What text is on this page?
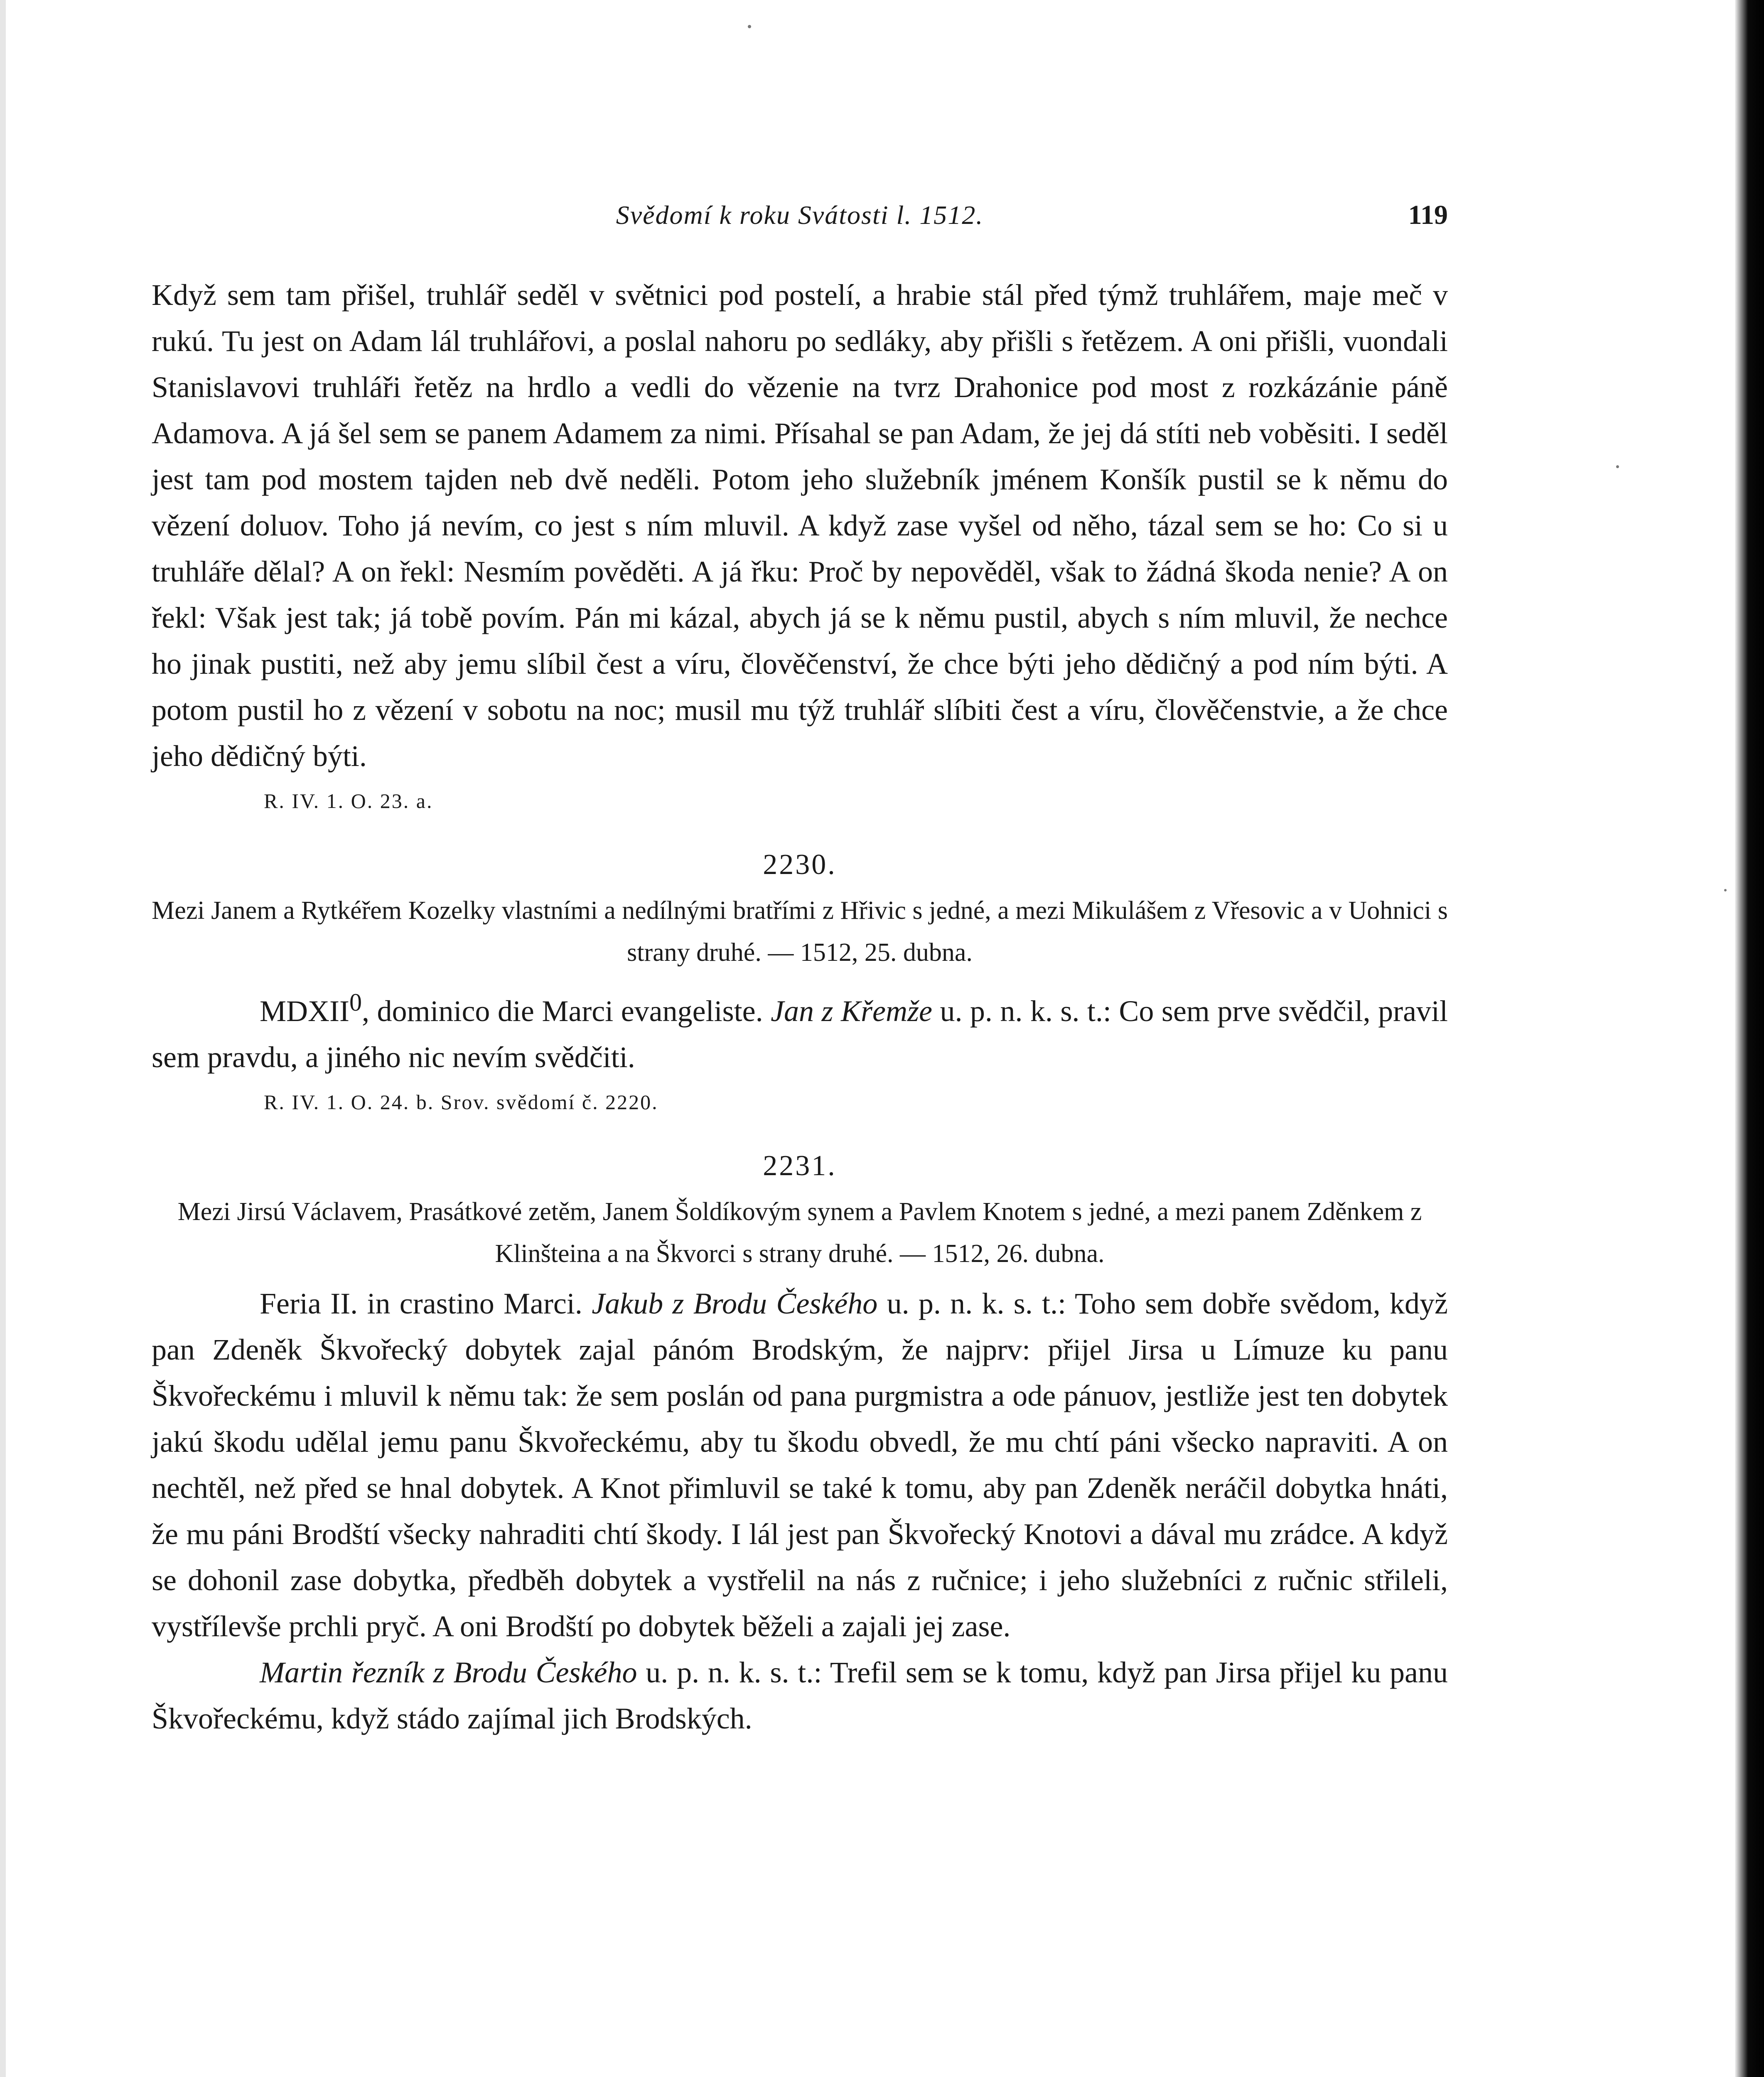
Svědomí k roku Svátosti l. 1512.	119

Když sem tam přišel, truhlář seděl v světnici pod postelí, a hrabie stál před týmž truhlářem, maje meč v rukú. Tu jest on Adam lál truhlářovi, a poslal nahoru po sedláky, aby přišli s řetězem. A oni přišli, vuondali Stanislavovi truhláři řetěz na hrdlo a vedli do vězenie na tvrz Drahonice pod most z rozkázánie páně Adamova. A já šel sem se panem Adamem za nimi. Přísahal se pan Adam, že jej dá stíti neb voběsiti. I seděl jest tam pod mostem tajden neb dvě neděli. Potom jeho služebník jménem Konšík pustil se k němu do vězení doluov. Toho já nevím, co jest s ním mluvil. A když zase vyšel od něho, tázal sem se ho: Co si u truhláře dělal? A on řekl: Nesmím pověděti. A já řku: Proč by nepověděl, však to žádná škoda nenie? A on řekl: Však jest tak; já tobě povím. Pán mi kázal, abych já se k němu pustil, abych s ním mluvil, že nechce ho jinak pustiti, než aby jemu slíbil čest a víru, člověčenství, že chce býti jeho dědičný a pod ním býti. A potom pustil ho z vězení v sobotu na noc; musil mu týž truhlář slíbiti čest a víru, člověčenstvie, a že chce jeho dědičný býti.

R. IV. 1. O. 23. a.

2230.

Mezi Janem a Rytkéřem Kozelky vlastními a nedílnými bratřími z Hřivic s jedné, a mezi Mikulášem z Vřesovic a v Uohnici s strany druhé. — 1512, 25. dubna.

MDXII$^0$, dominico die Marci evangeliste. Jan z Křemže u. p. n. k. s. t.: Co sem prve svědčil, pravil sem pravdu, a jiného nic nevím svědčiti.

R. IV. 1. O. 24. b. Srov. svědomí č. 2220.

2231.

Mezi Jirsú Václavem, Prasátkové zetěm, Janem Šoldíkovým synem a Pavlem Knotem s jedné, a mezi panem Zděnkem z Klinšteina a na Škvorci s strany druhé. — 1512, 26. dubna.

Feria II. in crastino Marci. Jakub z Brodu Českého u. p. n. k. s. t.: Toho sem dobře svědom, když pan Zdeněk Škvořecký dobytek zajal pánóm Brodským, že najprv: přijel Jirsa u Límuze ku panu Škvořeckému i mluvil k němu tak: že sem poslán od pana purgmistra a ode pánuov, jestliže jest ten dobytek jakú škodu udělal jemu panu Škvořeckému, aby tu škodu obvedl, že mu chtí páni všecko napraviti. A on nechtěl, než před se hnal dobytek. A Knot přimluvil se také k tomu, aby pan Zdeněk neráčil dobytka hnáti, že mu páni Brodští všecky nahraditi chtí škody. I lál jest pan Škvořecký Knotovi a dával mu zrádce. A když se dohonil zase dobytka, předběh dobytek a vystřelil na nás z ručnice; i jeho služebníci z ručnic střileli, vystřílevše prchli pryč. A oni Brodští po dobytek běželi a zajali jej zase.

Martin řezník z Brodu Českého u. p. n. k. s. t.: Trefil sem se k tomu, když pan Jirsa přijel ku panu Škvořeckému, když stádo zajímal jich Brodských.
